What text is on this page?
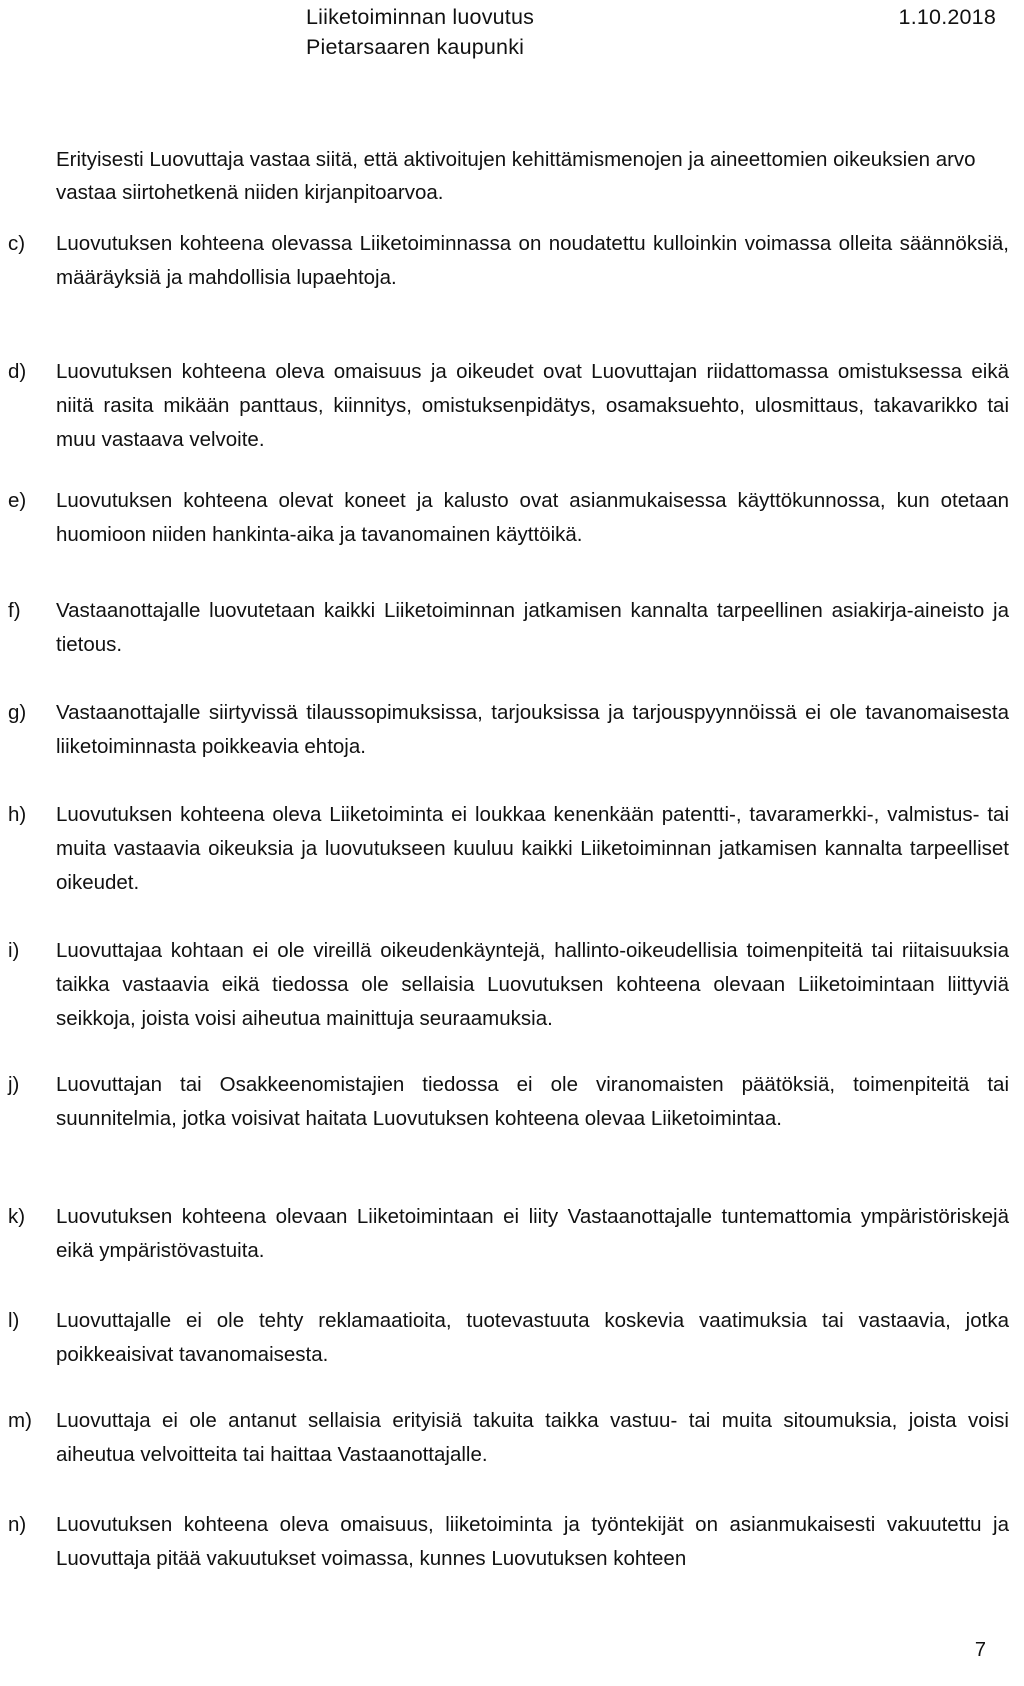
Liiketoiminnan luovutus	1.10.2018
Pietarsaaren kaupunki
Erityisesti Luovuttaja vastaa siitä, että aktivoitujen kehittämismenojen ja aineettomien oikeuksien arvo vastaa siirtohetkenä niiden kirjanpitoarvoa.
c)	Luovutuksen kohteena olevassa Liiketoiminnassa on noudatettu kulloinkin voimassa olleita säännöksiä, määräyksiä ja mahdollisia lupaehtoja.
d)	Luovutuksen kohteena oleva omaisuus ja oikeudet ovat Luovuttajan riidattomassa omistuksessa eikä niitä rasita mikään panttaus, kiinnitys, omistuksenpidätys, osamaksuehto, ulosmittaus, takavarikko tai muu vastaava velvoite.
e)	Luovutuksen kohteena olevat koneet ja kalusto ovat asianmukaisessa käyttökunnossa, kun otetaan huomioon niiden hankinta-aika ja tavanomainen käyttöikä.
f)	Vastaanottajalle luovutetaan kaikki Liiketoiminnan jatkamisen kannalta tarpeellinen asiakirja-aineisto ja tietous.
g)	Vastaanottajalle siirtyvissä tilaussopimuksissa, tarjouksissa ja tarjouspyynnöissä ei ole tavanomaisesta liiketoiminnasta poikkeavia ehtoja.
h)	Luovutuksen kohteena oleva Liiketoiminta ei loukkaa kenenkään patentti-, tavaramerkki-, valmistus- tai muita vastaavia oikeuksia ja luovutukseen kuuluu kaikki Liiketoiminnan jatkamisen kannalta tarpeelliset oikeudet.
i)	Luovuttajaa kohtaan ei ole vireillä oikeudenkäyntejä, hallinto-oikeudellisia toimenpiteitä tai riitaisuuksia taikka vastaavia eikä tiedossa ole sellaisia Luovutuksen kohteena olevaan Liiketoimintaan liittyviä seikkoja, joista voisi aiheutua mainittuja seuraamuksia.
j)	Luovuttajan tai Osakkeenomistajien tiedossa ei ole viranomaisten päätöksiä, toimenpiteitä tai suunnitelmia, jotka voisivat haitata Luovutuksen kohteena olevaa Liiketoimintaa.
k)	Luovutuksen kohteena olevaan Liiketoimintaan ei liity Vastaanottajalle tuntemattomia ympäristöriskejä eikä ympäristövastuita.
l)	Luovuttajalle ei ole tehty reklamaatioita, tuotevastuuta koskevia vaatimuksia tai vastaavia, jotka poikkeaisivat tavanomaisesta.
m)	Luovuttaja ei ole antanut sellaisia erityisiä takuita taikka vastuu- tai muita sitoumuksia, joista voisi aiheutua velvoitteita tai haittaa Vastaanottajalle.
n)	Luovutuksen kohteena oleva omaisuus, liiketoiminta ja työntekijät on asianmukaisesti vakuutettu ja Luovuttaja pitää vakuutukset voimassa, kunnes Luovutuksen kohteen
7
